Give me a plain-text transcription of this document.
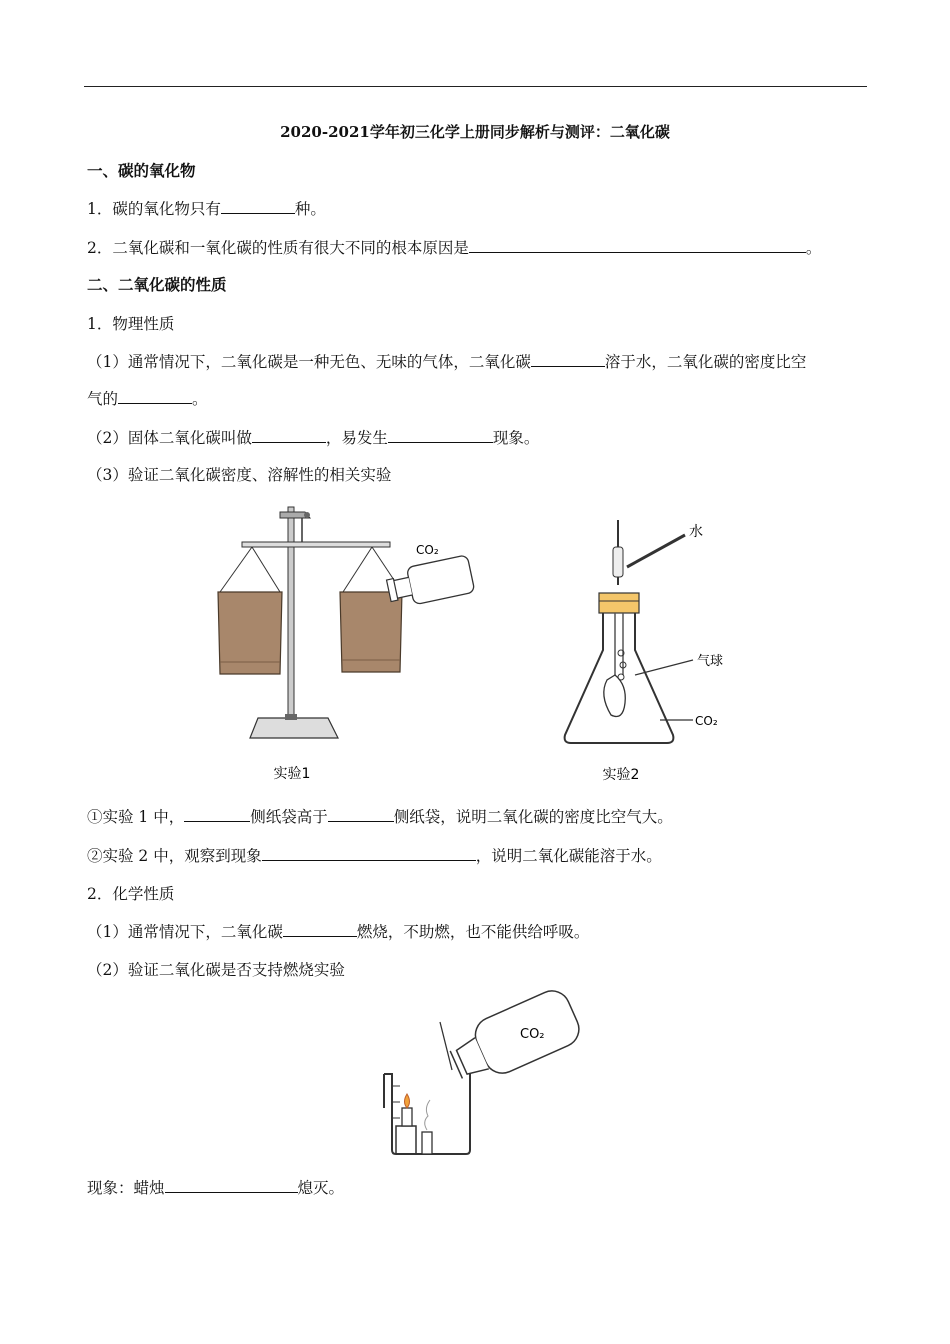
2020-2021学年初三化学上册同步解析与测评：二氧化碳
一、碳的氧化物
1．碳的氧化物只有	种。
2．二氧化碳和一氧化碳的性质有很大不同的根本原因是	。
二、二氧化碳的性质
1．物理性质
（1）通常情况下，二氧化碳是一种无色、无味的气体，二氧化碳	溶于水，二氧化碳的密度比空
气的	。
（2）固体二氧化碳叫做	，易发生	现象。
（3）验证二氧化碳密度、溶解性的相关实验
CO₂
实验1
水
气球
CO₂
实验2
①实验 1 中，	侧纸袋高于	侧纸袋，说明二氧化碳的密度比空气大。
②实验 2 中，观察到现象	，说明二氧化碳能溶于水。
2．化学性质
（1）通常情况下，二氧化碳	燃烧，不助燃，也不能供给呼吸。
（2）验证二氧化碳是否支持燃烧实验
CO₂
现象：蜡烛	熄灭。
